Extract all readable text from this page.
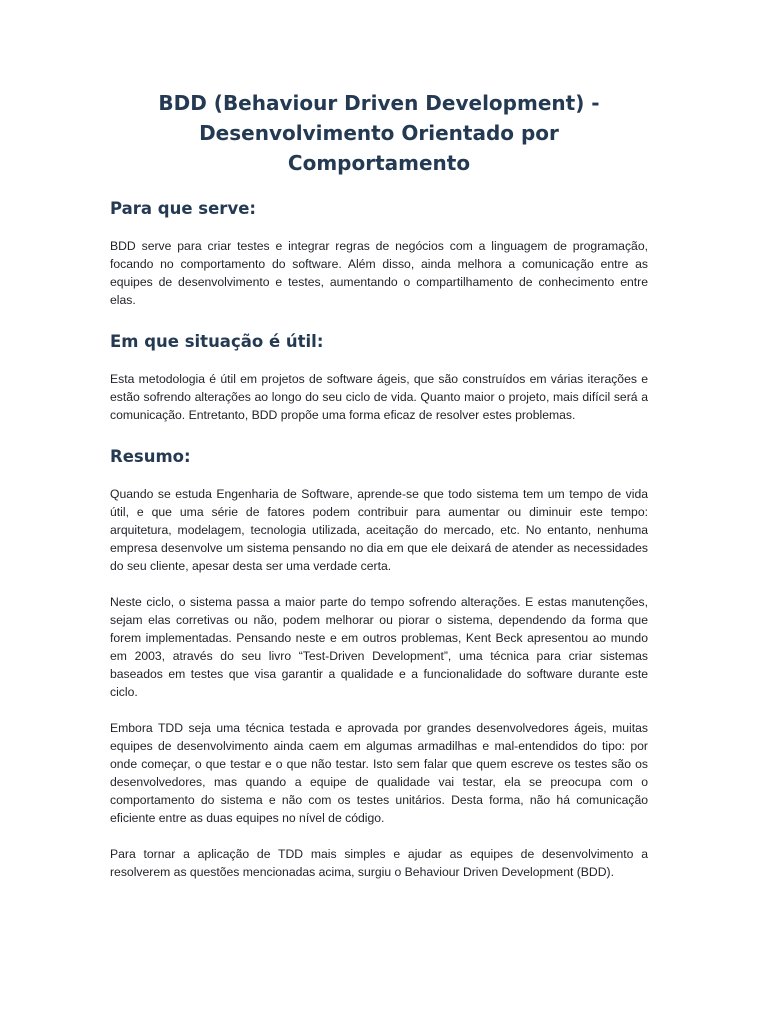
BDD (Behaviour Driven Development) - Desenvolvimento Orientado por Comportamento
Para que serve:

BDD serve para criar testes e integrar regras de negócios com a linguagem de programação, focando no comportamento do software. Além disso, ainda melhora a comunicação entre as equipes de desenvolvimento e testes, aumentando o compartilhamento de conhecimento entre elas.

Em que situação é útil:

Esta metodologia é útil em projetos de software ágeis, que são construídos em várias iterações e estão sofrendo alterações ao longo do seu ciclo de vida. Quanto maior o projeto, mais difícil será a comunicação. Entretanto, BDD propõe uma forma eficaz de resolver estes problemas.

Resumo:

Quando se estuda Engenharia de Software, aprende-se que todo sistema tem um tempo de vida útil, e que uma série de fatores podem contribuir para aumentar ou diminuir este tempo: arquitetura, modelagem, tecnologia utilizada, aceitação do mercado, etc. No entanto, nenhuma empresa desenvolve um sistema pensando no dia em que ele deixará de atender as necessidades do seu cliente, apesar desta ser uma verdade certa.

Neste ciclo, o sistema passa a maior parte do tempo sofrendo alterações. E estas manutenções, sejam elas corretivas ou não, podem melhorar ou piorar o sistema, dependendo da forma que forem implementadas. Pensando neste e em outros problemas, Kent Beck apresentou ao mundo em 2003, através do seu livro “Test-Driven Development”, uma técnica para criar sistemas baseados em testes que visa garantir a qualidade e a funcionalidade do software durante este ciclo.

Embora TDD seja uma técnica testada e aprovada por grandes desenvolvedores ágeis, muitas equipes de desenvolvimento ainda caem em algumas armadilhas e mal-entendidos do tipo: por onde começar, o que testar e o que não testar. Isto sem falar que quem escreve os testes são os desenvolvedores, mas quando a equipe de qualidade vai testar, ela se preocupa com o comportamento do sistema e não com os testes unitários. Desta forma, não há comunicação eficiente entre as duas equipes no nível de código.

Para tornar a aplicação de TDD mais simples e ajudar as equipes de desenvolvimento a resolverem as questões mencionadas acima, surgiu o Behaviour Driven Development (BDD).
